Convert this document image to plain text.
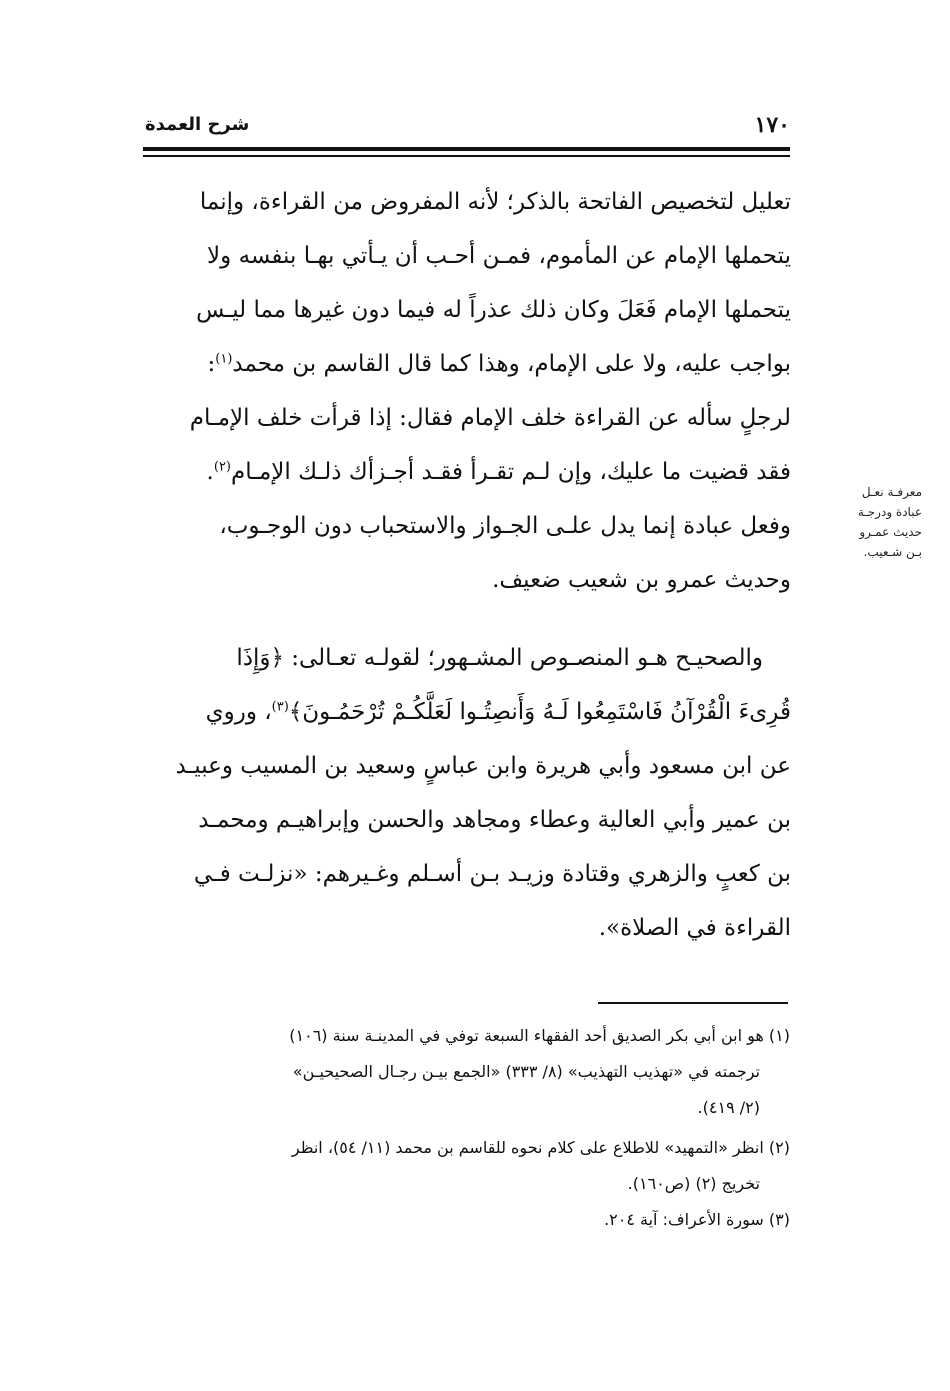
١٧٠
شرح العمدة
تعليل لتخصيص الفاتحة بالذكر؛ لأنه المفروض من القراءة، وإنما
يتحملها الإمام عن المأموم، فمـن أحـب أن يـأتي بهـا بنفسه ولا
يتحملها الإمام فَعَلَ وكان ذلك عذراً له فيما دون غيرها مما ليـس
بواجب عليه، ولا على الإمام، وهذا كما قال القاسم بن محمد$^{(١)}$:
لرجلٍ سأله عن القراءة خلف الإمام فقال: إذا قرأت خلف الإمـام
فقد قضيت ما عليك، وإن لـم تقـرأ فقـد أجـزأك ذلـك الإمـام$^{(٢)}$.
وفعل عبادة إنما يدل علـى الجـواز والاستحباب دون الوجـوب،
وحديث عمرو بن شعيب ضعيف.
والصحيـح هـو المنصـوص المشـهور؛ لقولـه تعـالى: ﴿وَإِذَا
قُرِىءَ الْقُرْآنُ فَاسْتَمِعُوا لَـهُ وَأَنصِتُـوا لَعَلَّكُـمْ تُرْحَمُـونَ﴾$^{(٣)}$، وروي
عن ابن مسعود وأبي هريرة وابن عباسٍ وسعيد بن المسيب وعبيـد
بن عمير وأبي العالية وعطاء ومجاهد والحسن وإبراهيـم ومحمـد
بن كعبٍ والزهري وقتادة وزيـد بـن أسـلم وغـيرهم: «نزلـت فـي
القراءة في الصلاة».
معرفـة نعـل
عبادة ودرجـة
حديث عمـرو
بـن شـعيب.
(١) هو ابن أبي بكر الصديق أحد الفقهاء السبعة توفي في المدينـة سنة (١٠٦)
ترجمته في «تهذيب التهذيب» (٨/ ٣٣٣) «الجمع بيـن رجـال الصحيحيـن»
(٢/ ٤١٩).
(٢) انظر «التمهيد» للاطلاع على كلام نحوه للقاسم بن محمد (١١/ ٥٤)، انظر
تخريج (٢) (ص١٦٠).
(٣) سورة الأعراف: آية ٢٠٤.
